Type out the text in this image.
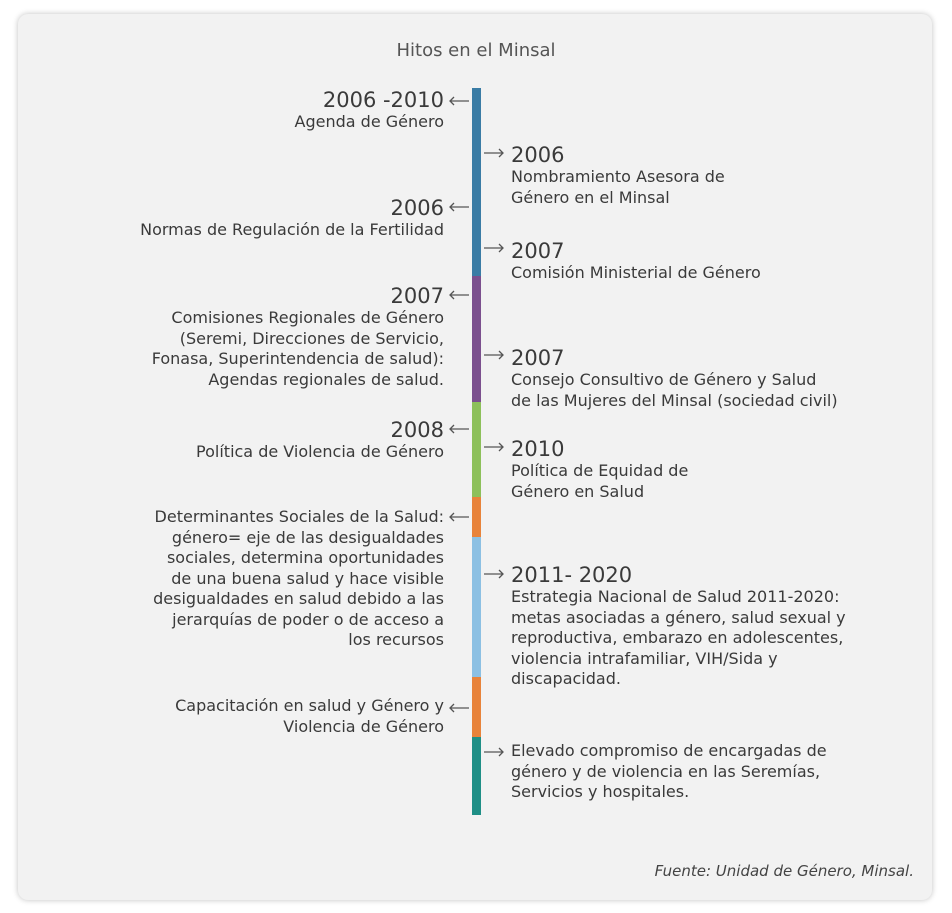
Hitos en el Minsal
2006 -2010
Agenda de Género
2006
Normas de Regulación de la Fertilidad
2007
Comisiones Regionales de Género
(Seremi, Direcciones de Servicio,
Fonasa, Superintendencia de salud):
Agendas regionales de salud.
2008
Política de Violencia de Género
Determinantes Sociales de la Salud:
género= eje de las desigualdades
sociales, determina oportunidades
de una buena salud y hace visible
desigualdades en salud debido a las
jerarquías de poder o de acceso a
los recursos
Capacitación en salud y Género y
Violencia de Género
2006
Nombramiento Asesora de
Género en el Minsal
2007
Comisión Ministerial de Género
2007
Consejo Consultivo de Género y Salud
de las Mujeres del Minsal (sociedad civil)
2010
Política de Equidad de
Género en Salud
2011- 2020
Estrategia Nacional de Salud 2011-2020:
metas asociadas a género, salud sexual y
reproductiva, embarazo en adolescentes,
violencia intrafamiliar, VIH/Sida y
discapacidad.
Elevado compromiso de encargadas de
género y de violencia en las Seremías,
Servicios y hospitales.
Fuente: Unidad de Género, Minsal.
